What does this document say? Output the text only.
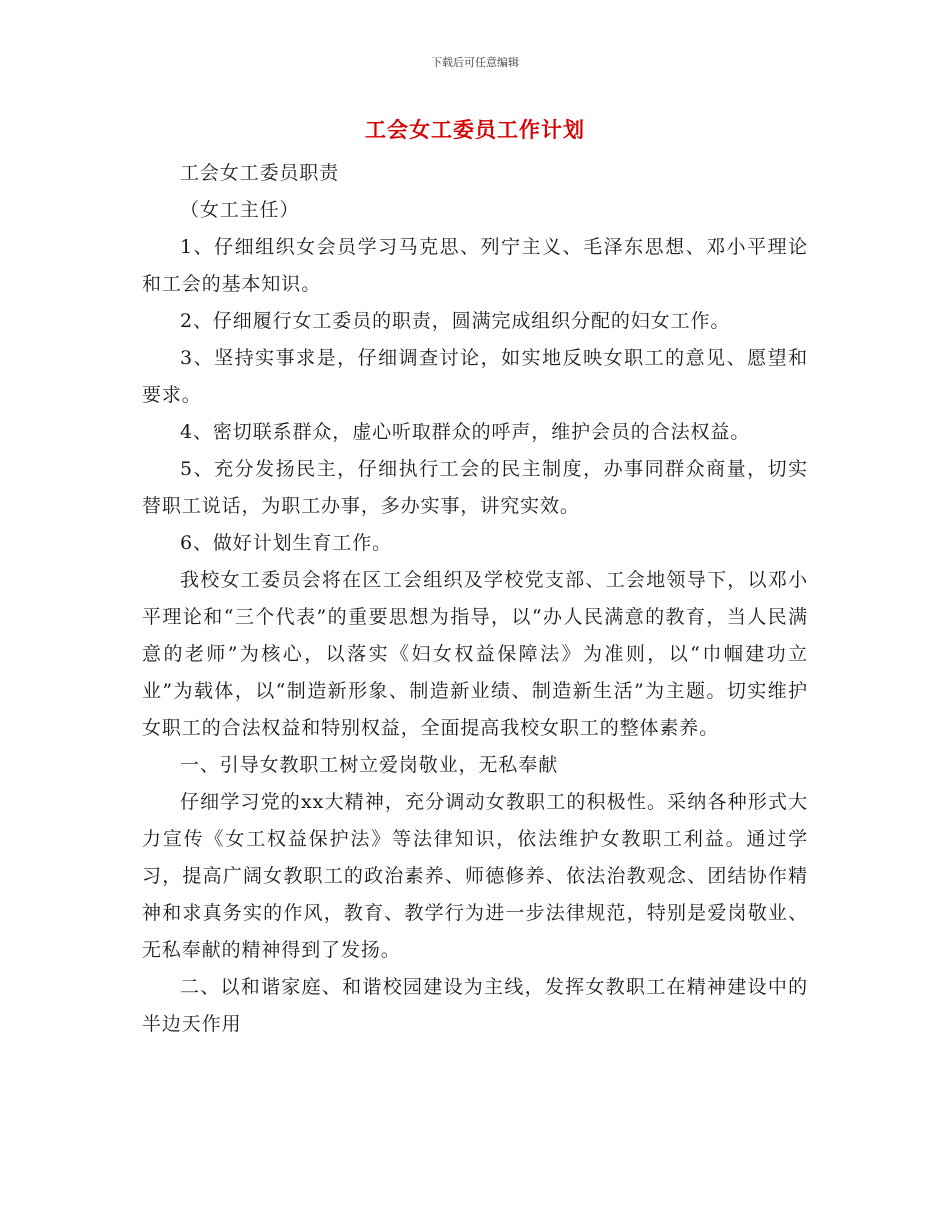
下载后可任意编辑
工会女工委员工作计划

工会女工委员职责

（女工主任）

1、仔细组织女会员学习马克思、列宁主义、毛泽东思想、邓小平理论和工会的基本知识。

2、仔细履行女工委员的职责，圆满完成组织分配的妇女工作。

3、坚持实事求是，仔细调查讨论，如实地反映女职工的意见、愿望和要求。

4、密切联系群众，虚心听取群众的呼声，维护会员的合法权益。

5、充分发扬民主，仔细执行工会的民主制度，办事同群众商量，切实替职工说话，为职工办事，多办实事，讲究实效。

6、做好计划生育工作。

我校女工委员会将在区工会组织及学校党支部、工会地领导下，以邓小平理论和“三个代表”的重要思想为指导，以“办人民满意的教育，当人民满意的老师”为核心，以落实《妇女权益保障法》为准则，以“巾帼建功立业”为载体，以“制造新形象、制造新业绩、制造新生活”为主题。切实维护女职工的合法权益和特别权益，全面提高我校女职工的整体素养。

一、引导女教职工树立爱岗敬业，无私奉献

仔细学习党的xx大精神，充分调动女教职工的积极性。采纳各种形式大力宣传《女工权益保护法》等法律知识，依法维护女教职工利益。通过学习，提高广阔女教职工的政治素养、师德修养、依法治教观念、团结协作精神和求真务实的作风，教育、教学行为进一步法律规范，特别是爱岗敬业、无私奉献的精神得到了发扬。

二、以和谐家庭、和谐校园建设为主线，发挥女教职工在精神建设中的半边天作用
